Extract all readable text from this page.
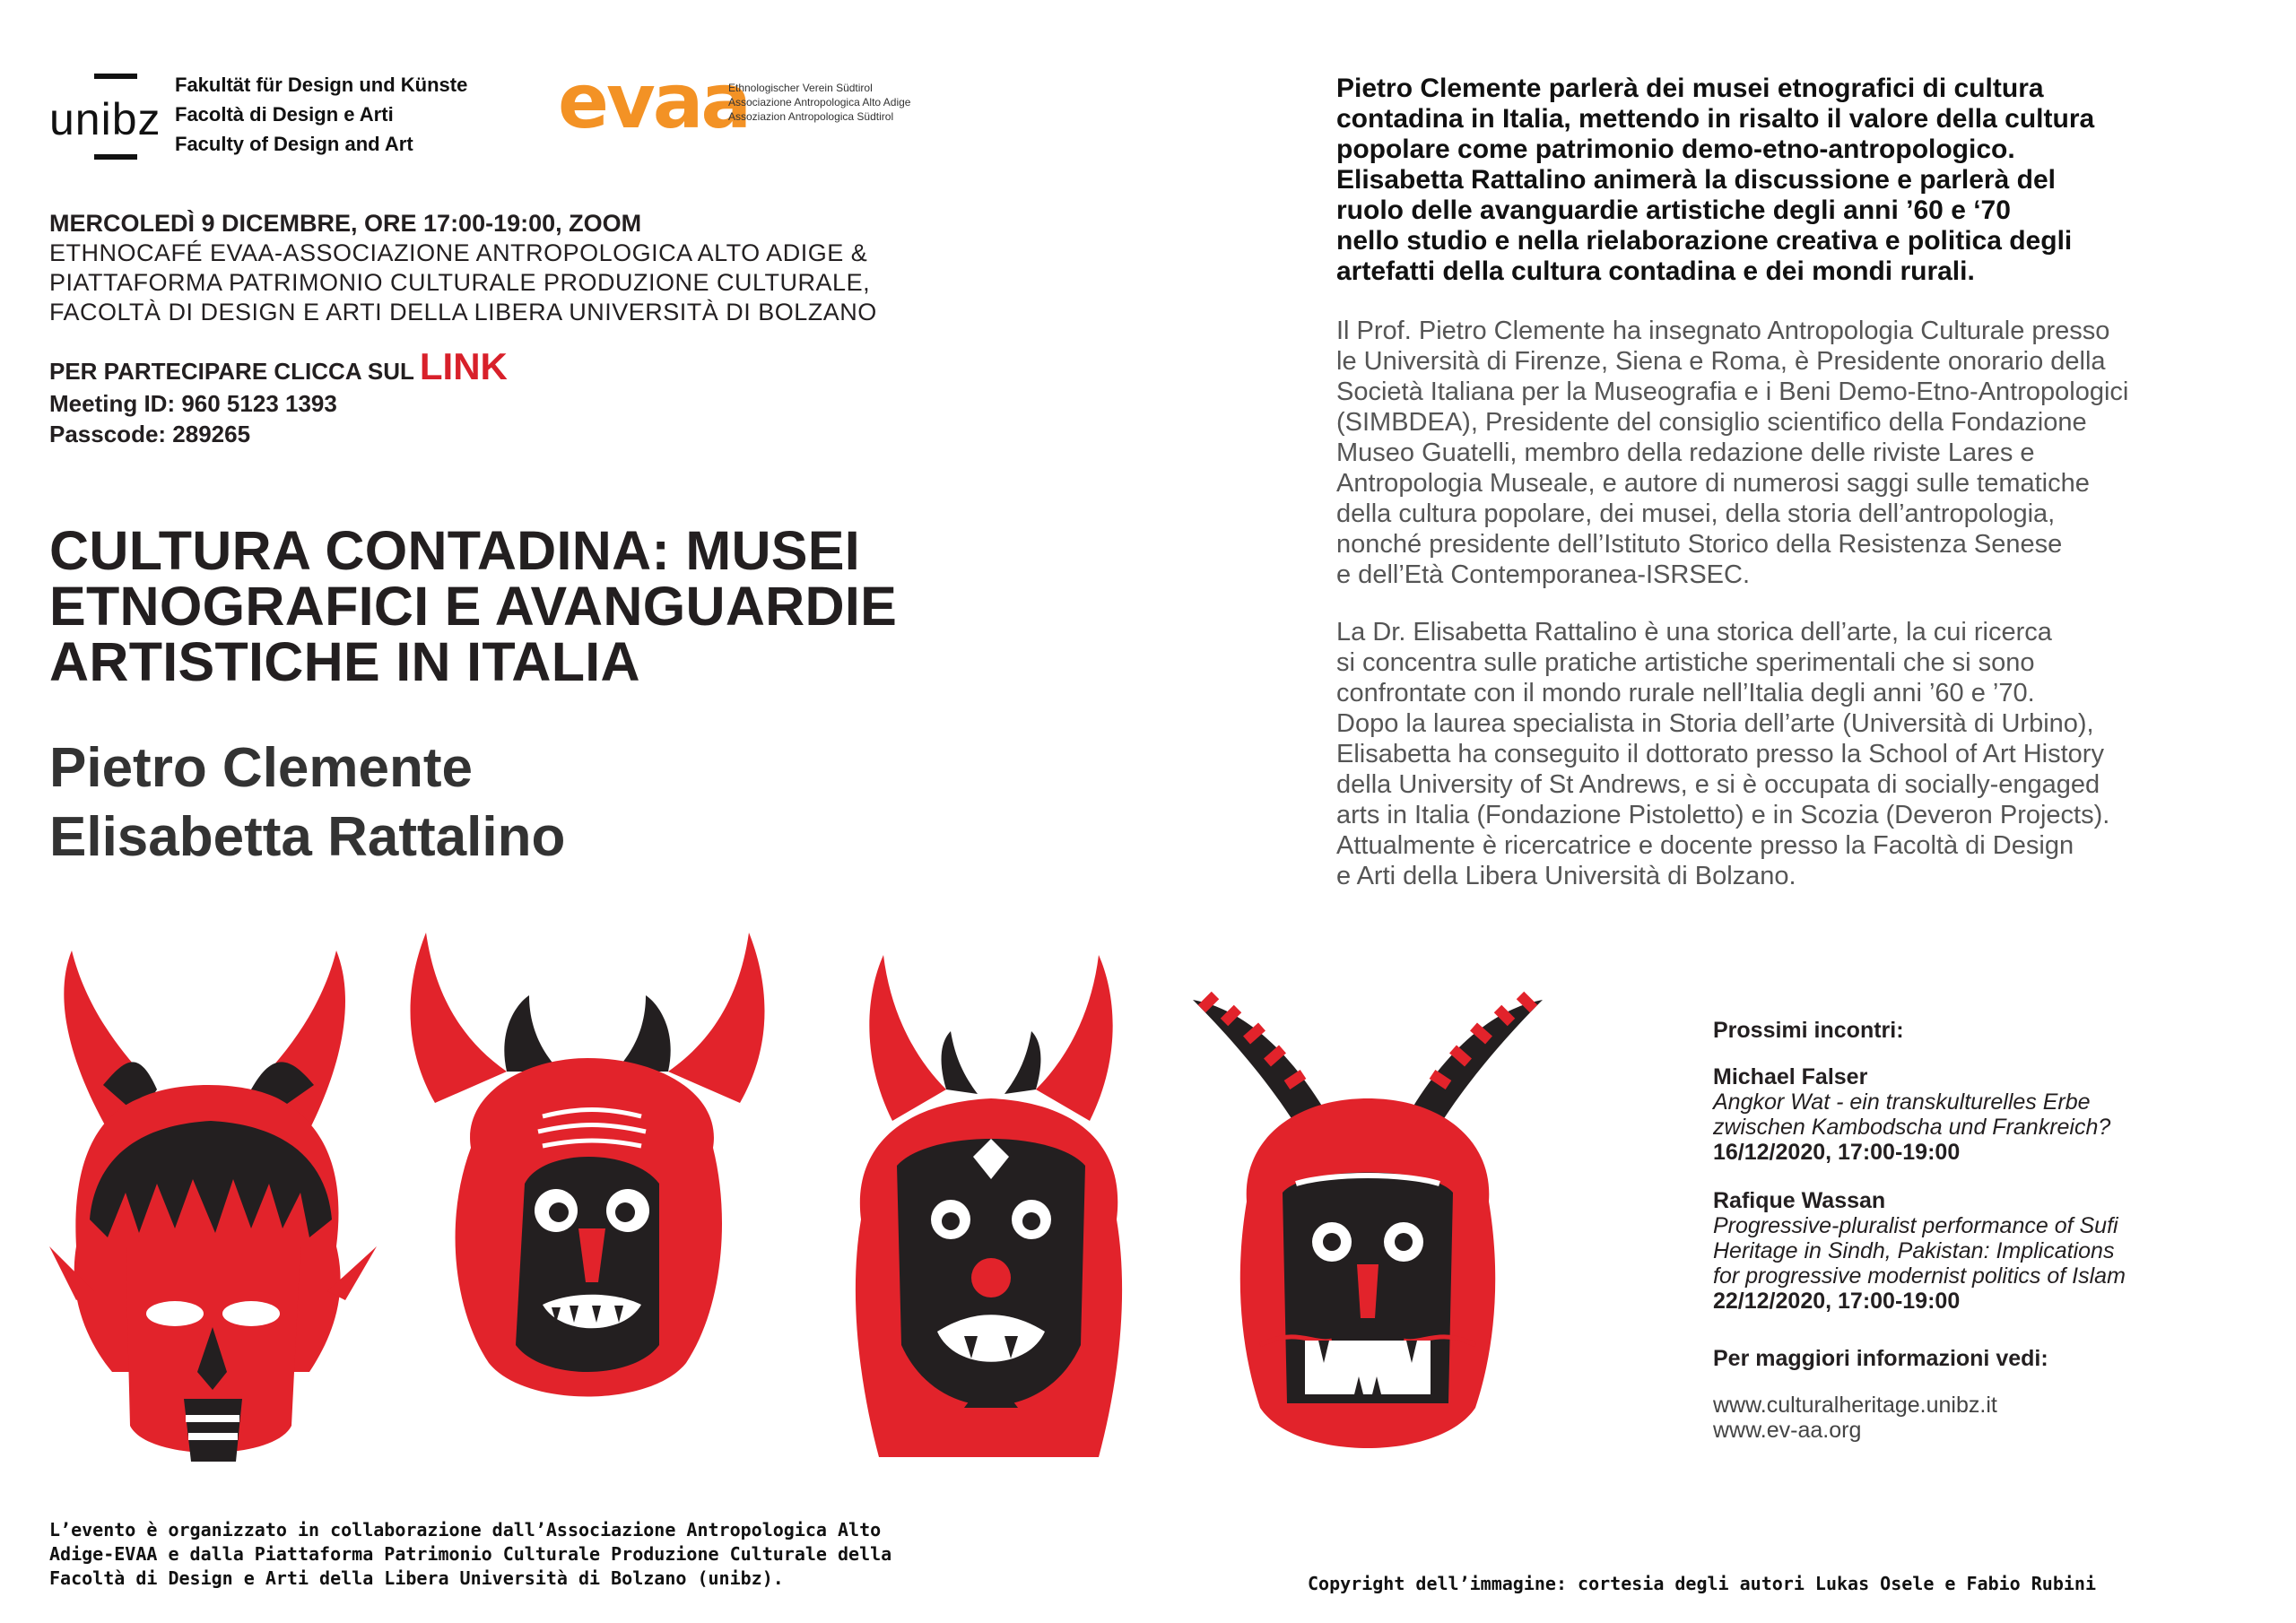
unibz
Fakultät für Design und Künste
Facoltà di Design e Arti
Faculty of Design and Art	evaa
Ethnologischer Verein Südtirol
Associazione Antropologica Alto Adige
Assoziazion Antropologica Südtirol
MERCOLEDÌ 9 DICEMBRE, ORE 17:00-19:00, ZOOM
ETHNOCAFÉ EVAA-ASSOCIAZIONE ANTROPOLOGICA ALTO ADIGE &
PIATTAFORMA PATRIMONIO CULTURALE PRODUZIONE CULTURALE,
FACOLTÀ DI DESIGN E ARTI DELLA LIBERA UNIVERSITÀ DI BOLZANO
PER PARTECIPARE CLICCA SUL LINK
Meeting ID: 960 5123 1393
Passcode: 289265
CULTURA CONTADINA: MUSEI
ETNOGRAFICI E AVANGUARDIE
ARTISTICHE IN ITALIA
Pietro Clemente
Elisabetta Rattalino
Pietro Clemente parlerà dei musei etnografici di cultura
contadina in Italia, mettendo in risalto il valore della cultura
popolare come patrimonio demo-etno-antropologico.
Elisabetta Rattalino animerà la discussione e parlerà del
ruolo delle avanguardie artistiche degli anni ’60 e ‘70
nello studio e nella rielaborazione creativa e politica degli
artefatti della cultura contadina e dei mondi rurali.
Il Prof. Pietro Clemente ha insegnato Antropologia Culturale presso
le Università di Firenze, Siena e Roma, è Presidente onorario della
Società Italiana per la Museografia e i Beni Demo-Etno-Antropologici
(SIMBDEA), Presidente del consiglio scientifico della Fondazione
Museo Guatelli, membro della redazione delle riviste Lares e
Antropologia Museale, e autore di numerosi saggi sulle tematiche
della cultura popolare, dei musei, della storia dell’antropologia,
nonché presidente dell’Istituto Storico della Resistenza Senese
e dell’Età Contemporanea-ISRSEC.
La Dr. Elisabetta Rattalino è una storica dell’arte, la cui ricerca
si concentra sulle pratiche artistiche sperimentali che si sono
confrontate con il mondo rurale nell’Italia degli anni ’60 e ’70.
Dopo la laurea specialista in Storia dell’arte (Università di Urbino),
Elisabetta ha conseguito il dottorato presso la School of Art History
della University of St Andrews, e si è occupata di socially-engaged
arts in Italia (Fondazione Pistoletto) e in Scozia (Deveron Projects).
Attualmente è ricercatrice e docente presso la Facoltà di Design
e Arti della Libera Università di Bolzano.
Prossimi incontri:
Michael Falser
Angkor Wat - ein transkulturelles Erbe
zwischen Kambodscha und Frankreich?
16/12/2020, 17:00-19:00
Rafique Wassan
Progressive-pluralist performance of Sufi
Heritage in Sindh, Pakistan: Implications
for progressive modernist politics of Islam
22/12/2020, 17:00-19:00
Per maggiori informazioni vedi:
www.culturalheritage.unibz.it
www.ev-aa.org
L’evento è organizzato in collaborazione dall’Associazione Antropologica Alto
Adige-EVAA e dalla Piattaforma Patrimonio Culturale Produzione Culturale della
Facoltà di Design e Arti della Libera Università di Bolzano (unibz).	Copyright dell’immagine: cortesia degli autori Lukas Osele e Fabio Rubini
